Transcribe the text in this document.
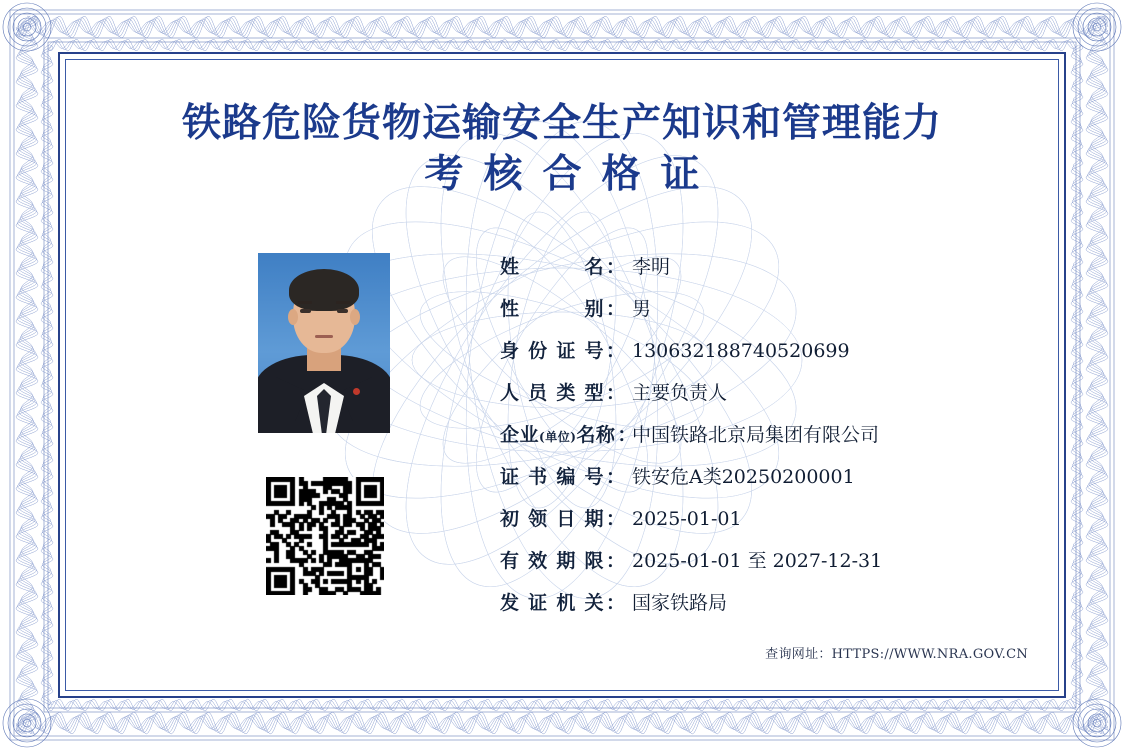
铁路危险货物运输安全生产知识和管理能力
考核合格证
姓　　名 ： 李明
性　　别 ： 男
身份证号 ： 130632188740520699
人员类型 ： 主要负责人
企业(单位)名称 ：
中国铁路北京局集团有限公司
证书编号 ： 铁安危A类20250200001
初领日期 ： 2025-01-01
有效期限 ： 2025-01-01 至 2027-12-31
发证机关 ： 国家铁路局
查询网址：HTTPS://WWW.NRA.GOV.CN
